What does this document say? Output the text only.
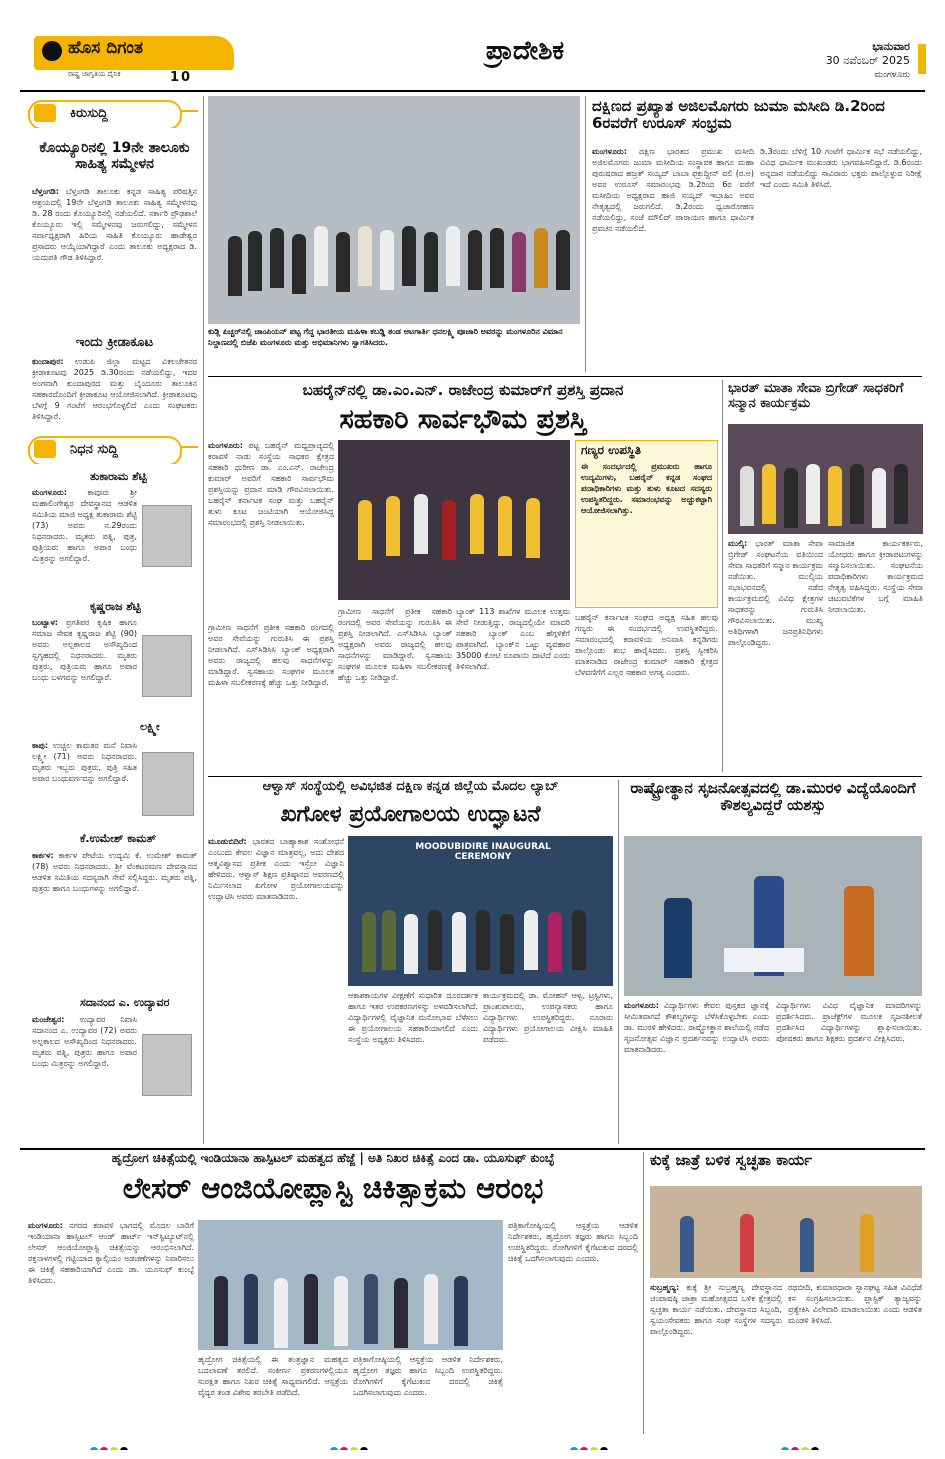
ಹೊಸ ದಿಗಂತ
ರಾಷ್ಟ್ರ ಜಾಗೃತಿಯ ದೈನಿಕ	10
ಪ್ರಾದೇಶಿಕ	ಭಾನುವಾರ
30 ನವೆಂಬರ್ 2025
ಮಂಗಳೂರು
ಕಿರುಸುದ್ದಿ
ಕೊಯ್ಯೂರಿನಲ್ಲಿ 19ನೇ ತಾಲೂಕು ಸಾಹಿತ್ಯ ಸಮ್ಮೇಳನ
ಬೆಳ್ತಂಗಡಿ: ಬೆಳ್ತಂಗಡಿ ತಾಲೂಕು ಕನ್ನಡ ಸಾಹಿತ್ಯ ಪರಿಷತ್ತಿನ ಆಶ್ರಯದಲ್ಲಿ 19ನೇ ಬೆಳ್ತಂಗಡಿ ತಾಲೂಕು ಸಾಹಿತ್ಯ ಸಮ್ಮೇಳನವು ಡಿ. 28 ರಂದು ಕೊಯ್ಯೂರಿನಲ್ಲಿ ನಡೆಯಲಿದೆ. ಸರ್ಕಾರಿ ಪ್ರೌಢಶಾಲೆ ಕೊಯ್ಯೂರು ಇಲ್ಲಿ ಸಮ್ಮೇಳನವು ಜರುಗಲಿದ್ದು, ಸಮ್ಮೇಳನ ಸರ್ವಾಧ್ಯಕ್ಷರಾಗಿ ಹಿರಿಯ ಸಾಹಿತಿ ಕೊಯ್ಯೂರು ಹಾಡೇಶ್ವರ ಪ್ರಸಾದರು ಆಯ್ಕೆಯಾಗಿದ್ದಾರೆ ಎಂದು ತಾಲೂಕು ಅಧ್ಯಕ್ಷರಾದ ಡಿ. ಯದುಪತಿ ಗೌಡ ತಿಳಿಸಿದ್ದಾರೆ.
ಇಂದು ಕ್ರೀಡಾಕೂಟ
ಕುಂದಾಪುರ: ಉಡುಪಿ ಜಿಲ್ಲಾ ಮಟ್ಟದ ವಿಕಲಚೇತನರ ಕ್ರೀಡಾಕೂಟವು 2025 ಡಿ.30ರಂದು ನಡೆಯಲಿದ್ದು, ಇದರ ಅಂಗವಾಗಿ ಕುಂದಾಪುರದ ಮತ್ತು ಬೈಂದೂರು ತಾಲೂಕಿನ ಸಹಕಾರದೊಂದಿಗೆ ಕ್ರೀಡಾಕೂಟ ಆಯೋಜಿಸಲಾಗಿದೆ. ಕ್ರೀಡಾಕೂಟವು ಬೆಳಗ್ಗೆ 9 ಗಂಟೆಗೆ ಆರಂಭಗೊಳ್ಳಲಿದೆ ಎಂದು ಸಂಘಟಕರು ತಿಳಿಸಿದ್ದಾರೆ.
ನಿಧನ ಸುದ್ದಿ
ತುಕಾರಾಮ ಶೆಟ್ಟಿ
ಮಂಗಳೂರು:	ಕಾವೂರು ಶ್ರೀ ಮಹಾಲಿಂಗೇಶ್ವರ ದೇವಸ್ಥಾನದ ಆಡಳಿತ ಸಮಿತಿಯ ಮಾಜಿ ಅಧ್ಯಕ್ಷ ತುಕಾರಾಮ ಶೆಟ್ಟಿ (73) ಅವರು ನ.29ರಂದು ನಿಧನರಾದರು. ಮೃತರು ಪತ್ನಿ, ಪುತ್ರ, ಪುತ್ರಿಯರು ಹಾಗೂ ಅಪಾರ ಬಂಧು ಮಿತ್ರರನ್ನು ಅಗಲಿದ್ದಾರೆ.
ಕೃಷ್ಣರಾಜ ಶೆಟ್ಟಿ
ಬಂಟ್ವಾಳ: ಪ್ರಗತಿಪರ ಕೃಷಿಕ ಹಾಗೂ ಸಮಾಜ ಸೇವಕ ಕೃಷ್ಣರಾಜ ಶೆಟ್ಟಿ (90) ಅವರು ಅಲ್ಪಕಾಲದ ಅಸೌಖ್ಯದಿಂದ ಸ್ವಗೃಹದಲ್ಲಿ ನಿಧನರಾದರು. ಮೃತರು ಪುತ್ರರು, ಪುತ್ರಿಯರು ಹಾಗೂ ಅಪಾರ ಬಂಧು ಬಳಗವನ್ನು ಅಗಲಿದ್ದಾರೆ.
ಲಕ್ಷ್ಮೀ
ಕಾಪು: ಉಚ್ಚಿಲ ಕಾಮತರ ಮನೆ ನಿವಾಸಿ ಲಕ್ಷ್ಮೀ (71) ಅವರು ನಿಧನರಾದರು. ಮೃತರು ಇಬ್ಬರು ಪುತ್ರರು, ಪುತ್ರಿ ಸಹಿತ ಅಪಾರ ಬಂಧುವರ್ಗವನ್ನು ಅಗಲಿದ್ದಾರೆ.
ಕೆ.ಉಮೇಶ್ ಕಾಮತ್
ಕಾರ್ಕಳ: ಕಾರ್ಕಳ ಪೇಟೆಯ ಉದ್ಯಮಿ ಕೆ. ಉಮೇಶ್ ಕಾಮತ್ (78) ಅವರು ನಿಧನರಾದರು. ಶ್ರೀ ವೆಂಕಟರಮಣ ದೇವಸ್ಥಾನದ ಆಡಳಿತ ಸಮಿತಿಯ ಸದಸ್ಯರಾಗಿ ಸೇವೆ ಸಲ್ಲಿಸಿದ್ದರು. ಮೃತರು ಪತ್ನಿ, ಪುತ್ರರು ಹಾಗೂ ಬಂಧುಗಳನ್ನು ಅಗಲಿದ್ದಾರೆ.
ಸದಾನಂದ ಎ. ಉದ್ಯಾವರ
ಮಂಜೇಶ್ವರ: ಉದ್ಯಾವರ ನಿವಾಸಿ ಸದಾನಂದ ಎ. ಉದ್ಯಾವರ (72) ಅವರು ಅಲ್ಪಕಾಲದ ಅಸೌಖ್ಯದಿಂದ ನಿಧನರಾದರು. ಮೃತರು ಪತ್ನಿ, ಪುತ್ರರು ಹಾಗೂ ಅಪಾರ ಬಂಧು ಮಿತ್ರರನ್ನು ಅಗಲಿದ್ದಾರೆ.
ಕುಡ್ಲಿ ಪಿಚ್ಚರ್‌ನಲ್ಲಿ ಚಾಂಪಿಯನ್ ಪಟ್ಟ ಗೆದ್ದ ಭಾರತೀಯ ಮಹಿಳಾ ಕಬಡ್ಡಿ ತಂಡ ಆಟಗಾರ್ತಿ ಧನಲಕ್ಷ್ಮಿ ಪೂಜಾರಿ ಅವರನ್ನು ಮಂಗಳೂರಿನ ವಿಮಾನ ನಿಲ್ದಾಣದಲ್ಲಿ ಬಿಜೆಪಿ ಮಂಗಳೂರು ಮತ್ತು ಅಭಿಮಾನಿಗಳು ಸ್ವಾಗತಿಸಿದರು.
ದಕ್ಷಿಣದ ಪ್ರಖ್ಯಾತ ಅಜಿಲಮೊಗರು ಜುಮಾ ಮಸೀದಿ ಡಿ.2ರಿಂದ 6ರವರೆಗೆ ಉರೂಸ್ ಸಂಭ್ರಮ
ಮಂಗಳೂರು: ದಕ್ಷಿಣ ಭಾರತದ ಪ್ರಮುಖ ಮಸೀದಿ ಅಜಿಲಮೊಗರು ಜುಮಾ ಮಸೀದಿಯ ಸಂಸ್ಥಾಪಕ ಹಾಗೂ ಮಹಾ ಪುರುಷರಾದ ಹಜ್ರತ್ ಸಯ್ಯದ್ ಬಾಬಾ ಫಕ್ರುದ್ದೀನ್ ವಲಿ (ರ.ಅ) ಅವರ ಉರೂಸ್ ಸಮಾರಂಭವು ಡಿ.2ರಿಂದ 6ರ ವರೆಗೆ ಮಸೀದಿಯ ಅಧ್ಯಕ್ಷರಾದ ಹಾಜಿ ಸಯ್ಯದ್ ಇಬ್ರಾಹಿಂ ಅವರ ನೇತೃತ್ವದಲ್ಲಿ ಜರುಗಲಿದೆ. ಡಿ.2ರಂದು ಧ್ವಜಾರೋಹಣ ನಡೆಯಲಿದ್ದು, ಸಂಜೆ ಮೌಲಿದ್ ಪಾರಾಯಣ ಹಾಗೂ ಧಾರ್ಮಿಕ ಪ್ರವಚನ ನಡೆಯಲಿದೆ.
ಡಿ.3ರಂದು ಬೆಳಿಗ್ಗೆ 10 ಗಂಟೆಗೆ ಧಾರ್ಮಿಕ ಸಭೆ ನಡೆಯಲಿದ್ದು, ವಿವಿಧ ಧಾರ್ಮಿಕ ಮುಖಂಡರು ಭಾಗವಹಿಸಲಿದ್ದಾರೆ. ಡಿ.6ರಂದು ಅನ್ನದಾನ ನಡೆಯಲಿದ್ದು ಸಾವಿರಾರು ಭಕ್ತರು ಪಾಲ್ಗೊಳ್ಳುವ ನಿರೀಕ್ಷೆ ಇದೆ ಎಂದು ಸಮಿತಿ ತಿಳಿಸಿದೆ.
ಬಹರೈನ್‌ನಲ್ಲಿ ಡಾ.ಎಂ.ಎನ್. ರಾಜೇಂದ್ರ ಕುಮಾರ್‌ಗೆ ಪ್ರಶಸ್ತಿ ಪ್ರದಾನ
ಸಹಕಾರಿ ಸಾರ್ವಭೌಮ ಪ್ರಶಸ್ತಿ
ಮಂಗಳೂರು: ಪಟ್ಟ ಬಹರೈನ್ ಮಧ್ಯಪ್ರಾಚ್ಯದಲ್ಲಿ ಕರಾವಳಿ ನಾಡು ಸಂಸ್ಥೆಯ ಸಾಧಕರ ಕ್ಷೇತ್ರದ ಸಹಕಾರಿ ಧುರೀಣ ಡಾ. ಎಂ.ಎನ್. ರಾಜೇಂದ್ರ ಕುಮಾರ್ ಅವರಿಗೆ ಸಹಕಾರಿ ಸಾರ್ವಭೌಮ ಪ್ರಶಸ್ತಿಯನ್ನು ಪ್ರದಾನ ಮಾಡಿ ಗೌರವಿಸಲಾಯಿತು. ಬಹರೈನ್ ಕರ್ನಾಟಕ ಸಂಘ ಮತ್ತು ಬಹರೈನ್ ತುಳು ಕೂಟ ಜಂಟಿಯಾಗಿ ಆಯೋಜಿಸಿದ್ದ ಸಮಾರಂಭದಲ್ಲಿ ಪ್ರಶಸ್ತಿ ನೀಡಲಾಯಿತು.
ಗಣ್ಯರ ಉಪಸ್ಥಿತಿ
ಈ ಸಂದರ್ಭದಲ್ಲಿ ಪ್ರಮುಖರು ಹಾಗೂ ಉದ್ಯಮಿಗಳು, ಬಹರೈನ್ ಕನ್ನಡ ಸಂಘದ ಪದಾಧಿಕಾರಿಗಳು ಮತ್ತು ತುಳು ಕೂಟದ ಸದಸ್ಯರು ಉಪಸ್ಥಿತರಿದ್ದರು. ಸಮಾರಂಭವನ್ನು ಅಚ್ಚುಕಟ್ಟಾಗಿ ಆಯೋಜಿಸಲಾಗಿತ್ತು.
ಗ್ರಾಮೀಣ ಸಾಧನೆಗೆ ಪ್ರತೀಕ ಸಹಕಾರಿ ರಂಗದಲ್ಲಿ ಅವರ ಸೇವೆಯನ್ನು ಗುರುತಿಸಿ ಈ ಪ್ರಶಸ್ತಿ ನೀಡಲಾಗಿದೆ. ಎಸ್‌ಸಿಡಿಸಿಸಿ ಬ್ಯಾಂಕ್ ಅಧ್ಯಕ್ಷರಾಗಿ ಅವರು ರಾಜ್ಯದಲ್ಲಿ ಹಲವು ಸಾಧನೆಗಳನ್ನು ಮಾಡಿದ್ದಾರೆ. ಸ್ವಸಹಾಯ ಸಂಘಗಳ ಮೂಲಕ ಮಹಿಳಾ ಸಬಲೀಕರಣಕ್ಕೆ ಹೆಚ್ಚು ಒತ್ತು ನೀಡಿದ್ದಾರೆ.
ಗ್ರಾಮೀಣ ಸಾಧನೆಗೆ ಪ್ರತೀಕ ಸಹಕಾರಿ ರಂಗದಲ್ಲಿ ಅವರ ಸೇವೆಯನ್ನು ಗುರುತಿಸಿ ಈ ಪ್ರಶಸ್ತಿ ನೀಡಲಾಗಿದೆ. ಎಸ್‌ಸಿಡಿಸಿಸಿ ಬ್ಯಾಂಕ್ ಅಧ್ಯಕ್ಷರಾಗಿ ಅವರು ರಾಜ್ಯದಲ್ಲಿ ಹಲವು ಸಾಧನೆಗಳನ್ನು ಮಾಡಿದ್ದಾರೆ. ಸ್ವಸಹಾಯ ಸಂಘಗಳ ಮೂಲಕ ಮಹಿಳಾ ಸಬಲೀಕರಣಕ್ಕೆ ಹೆಚ್ಚು ಒತ್ತು ನೀಡಿದ್ದಾರೆ.
ಬ್ಯಾಂಕ್ 113 ಶಾಖೆಗಳ ಮೂಲಕ ಉತ್ತಮ ಸೇವೆ ನೀಡುತ್ತಿದ್ದು, ರಾಜ್ಯದಲ್ಲಿಯೇ ಮಾದರಿ ಸಹಕಾರಿ ಬ್ಯಾಂಕ್ ಎಂಬ ಹೆಗ್ಗಳಿಕೆಗೆ ಪಾತ್ರವಾಗಿದೆ. ಬ್ಯಾಂಕ್‌ನ ಒಟ್ಟು ವ್ಯವಹಾರ 35000 ಕೋಟಿ ರೂಪಾಯಿ ದಾಟಿದೆ ಎಂದು ತಿಳಿಸಲಾಗಿದೆ.
ಬಹರೈನ್ ಕರ್ನಾಟಕ ಸಂಘದ ಅಧ್ಯಕ್ಷ ಸಹಿತ ಹಲವು ಗಣ್ಯರು ಈ ಸಂದರ್ಭದಲ್ಲಿ ಉಪಸ್ಥಿತರಿದ್ದರು. ಸಮಾರಂಭದಲ್ಲಿ ಕರಾವಳಿಯ ಅನಿವಾಸಿ ಕನ್ನಡಿಗರು ಪಾಲ್ಗೊಂಡು ಶುಭ ಹಾರೈಸಿದರು. ಪ್ರಶಸ್ತಿ ಸ್ವೀಕರಿಸಿ ಮಾತನಾಡಿದ ರಾಜೇಂದ್ರ ಕುಮಾರ್ ಸಹಕಾರಿ ಕ್ಷೇತ್ರದ ಬೆಳವಣಿಗೆಗೆ ಎಲ್ಲರ ಸಹಕಾರ ಅಗತ್ಯ ಎಂದರು.
ಭಾರತ್ ಮಾತಾ ಸೇವಾ ಬ್ರಿಗೇಡ್ ಸಾಧಕರಿಗೆ ಸನ್ಮಾನ ಕಾರ್ಯಕ್ರಮ
ಮುಲ್ಕಿ: ಭಾರತ್ ಮಾತಾ ಸೇವಾ ಬ್ರಿಗೇಡ್ ಸಂಘಟನೆಯ ವತಿಯಿಂದ ಸೇವಾ ಸಾಧಕರಿಗೆ ಸನ್ಮಾನ ಕಾರ್ಯಕ್ರಮ ನಡೆಯಿತು. ಮುಲ್ಕಿಯ ಸಭಾಭವನದಲ್ಲಿ ನಡೆದ ಕಾರ್ಯಕ್ರಮದಲ್ಲಿ ವಿವಿಧ ಕ್ಷೇತ್ರಗಳ ಸಾಧಕರನ್ನು ಗುರುತಿಸಿ ಗೌರವಿಸಲಾಯಿತು. ಮುಖ್ಯ ಅತಿಥಿಗಳಾಗಿ ಜನಪ್ರತಿನಿಧಿಗಳು ಪಾಲ್ಗೊಂಡಿದ್ದರು.
ಸಾಮಾಜಿಕ ಕಾರ್ಯಕರ್ತರು, ಯೋಧರು ಹಾಗೂ ಕ್ರೀಡಾಪಟುಗಳನ್ನು ಸನ್ಮಾನಿಸಲಾಯಿತು. ಸಂಘಟನೆಯ ಪದಾಧಿಕಾರಿಗಳು ಕಾರ್ಯಕ್ರಮದ ನೇತೃತ್ವ ವಹಿಸಿದ್ದರು. ಸಂಸ್ಥೆಯ ಸೇವಾ ಚಟುವಟಿಕೆಗಳ ಬಗ್ಗೆ ಮಾಹಿತಿ ನೀಡಲಾಯಿತು.
ಆಳ್ವಾಸ್ ಸಂಸ್ಥೆಯಲ್ಲಿ ಅವಿಭಜಿತ ದಕ್ಷಿಣ ಕನ್ನಡ ಜಿಲ್ಲೆಯ ಮೊದಲ ಲ್ಯಾಬ್
ಖಗೋಳ ಪ್ರಯೋಗಾಲಯ ಉದ್ಘಾಟನೆ
ಮೂಡುಬಿದಿರೆ: ಭಾರತದ ಬಾಹ್ಯಾಕಾಶ ಸಂಶೋಧನೆ ಎಂಬುದು ಕೇವಲ ವಿಜ್ಞಾನ ಮಾತ್ರವಲ್ಲ, ಅದು ದೇಶದ ಆತ್ಮವಿಶ್ವಾಸದ ಪ್ರತೀಕ ಎಂದು ಇಸ್ರೋ ವಿಜ್ಞಾನಿ ಹೇಳಿದರು. ಆಳ್ವಾಸ್ ಶಿಕ್ಷಣ ಪ್ರತಿಷ್ಠಾನದ ಆವರಣದಲ್ಲಿ ನಿರ್ಮಿಸಲಾದ ಖಗೋಳ ಪ್ರಯೋಗಾಲಯವನ್ನು ಉದ್ಘಾಟಿಸಿ ಅವರು ಮಾತನಾಡಿದರು.
MOODUBIDIRE INAUGURAL CEREMONY
ಆಕಾಶಕಾಯಗಳ ವೀಕ್ಷಣೆಗೆ ಸುಧಾರಿತ ದೂರದರ್ಶಕ ಹಾಗೂ ಇತರ ಉಪಕರಣಗಳನ್ನು ಅಳವಡಿಸಲಾಗಿದೆ. ವಿದ್ಯಾರ್ಥಿಗಳಲ್ಲಿ ವೈಜ್ಞಾನಿಕ ಮನೋಭಾವ ಬೆಳೆಸಲು ಈ ಪ್ರಯೋಗಾಲಯ ಸಹಕಾರಿಯಾಗಲಿದೆ ಎಂದು ಸಂಸ್ಥೆಯ ಅಧ್ಯಕ್ಷರು ತಿಳಿಸಿದರು.
ಕಾರ್ಯಕ್ರಮದಲ್ಲಿ ಡಾ. ಮೋಹನ್ ಆಳ್ವ, ಟ್ರಸ್ಟಿಗಳು, ಪ್ರಾಂಶುಪಾಲರು, ಉಪನ್ಯಾಸಕರು ಹಾಗೂ ವಿದ್ಯಾರ್ಥಿಗಳು ಉಪಸ್ಥಿತರಿದ್ದರು. ನೂರಾರು ವಿದ್ಯಾರ್ಥಿಗಳು ಪ್ರಯೋಗಾಲಯ ವೀಕ್ಷಿಸಿ ಮಾಹಿತಿ ಪಡೆದರು.
ರಾಷ್ಟ್ರೋತ್ಥಾನ ಸೃಜನೋತ್ಸವದಲ್ಲಿ ಡಾ.ಮುರಳಿ ವಿದ್ಯೆಯೊಂದಿಗೆ ಕೌಶಲ್ಯವಿದ್ದರೆ ಯಶಸ್ಸು
ಮಂಗಳೂರು: ವಿದ್ಯಾರ್ಥಿಗಳು ಕೇವಲ ಪುಸ್ತಕದ ಜ್ಞಾನಕ್ಕೆ ಸೀಮಿತವಾಗದೆ ಕೌಶಲ್ಯಗಳನ್ನು ಬೆಳೆಸಿಕೊಳ್ಳಬೇಕು ಎಂದು ಡಾ. ಮುರಳಿ ಹೇಳಿದರು. ರಾಷ್ಟ್ರೋತ್ಥಾನ ಶಾಲೆಯಲ್ಲಿ ನಡೆದ ಸೃಜನೋತ್ಸವ ವಿಜ್ಞಾನ ಪ್ರದರ್ಶನವನ್ನು ಉದ್ಘಾಟಿಸಿ ಅವರು ಮಾತನಾಡಿದರು.
ವಿದ್ಯಾರ್ಥಿಗಳು ವಿವಿಧ ವೈಜ್ಞಾನಿಕ ಮಾದರಿಗಳನ್ನು ಪ್ರದರ್ಶಿಸಿದರು. ಪ್ರಾಜೆಕ್ಟ್‌ಗಳ ಮೂಲಕ ಸೃಜನಶೀಲತೆ ಪ್ರದರ್ಶಿಸಿದ ವಿದ್ಯಾರ್ಥಿಗಳನ್ನು ಶ್ಲಾಘಿಸಲಾಯಿತು. ಪೋಷಕರು ಹಾಗೂ ಶಿಕ್ಷಕರು ಪ್ರದರ್ಶನ ವೀಕ್ಷಿಸಿದರು.
ಹೃದ್ರೋಗ ಚಿಕಿತ್ಸೆಯಲ್ಲಿ ಇಂಡಿಯಾನಾ ಹಾಸ್ಪಿಟಲ್ ಮಹತ್ವದ ಹೆಜ್ಜೆ | ಅತಿ ನಿಖರ ಚಿಕಿತ್ಸೆ ಎಂದ ಡಾ. ಯೂಸುಫ್ ಕುಂಬ್ಳೆ
ಲೇಸರ್ ಆಂಜಿಯೋಪ್ಲಾಸ್ಟಿ ಚಿಕಿತ್ಸಾಕ್ರಮ ಆರಂಭ
ಮಂಗಳೂರು: ನಗರದ ಕರಾವಳಿ ಭಾಗದಲ್ಲಿ ಮೊದಲ ಬಾರಿಗೆ ಇಂಡಿಯಾನಾ ಹಾಸ್ಪಿಟಲ್ ಆಂಡ್ ಹಾರ್ಟ್ ಇನ್‌ಸ್ಟಿಟ್ಯೂಟ್‌ನಲ್ಲಿ ಲೇಸರ್ ಆಂಜಿಯೋಪ್ಲಾಸ್ಟಿ ಚಿಕಿತ್ಸೆಯನ್ನು ಆರಂಭಿಸಲಾಗಿದೆ. ರಕ್ತನಾಳಗಳಲ್ಲಿ ಗಟ್ಟಿಯಾದ ಕ್ಯಾಲ್ಸಿಯಂ ಅಡಚಣೆಗಳನ್ನು ನಿವಾರಿಸಲು ಈ ಚಿಕಿತ್ಸೆ ಸಹಕಾರಿಯಾಗಿದೆ ಎಂದು ಡಾ. ಯೂಸುಫ್ ಕುಂಬ್ಳೆ ತಿಳಿಸಿದರು.
ಹೃದ್ರೋಗ ಚಿಕಿತ್ಸೆಯಲ್ಲಿ ಈ ತಂತ್ರಜ್ಞಾನ ಮಹತ್ವದ ಬದಲಾವಣೆ ತರಲಿದೆ. ಸಂಕೀರ್ಣ ಪ್ರಕರಣಗಳಲ್ಲಿಯೂ ಸುರಕ್ಷಿತ ಹಾಗೂ ನಿಖರ ಚಿಕಿತ್ಸೆ ಸಾಧ್ಯವಾಗಲಿದೆ. ಆಸ್ಪತ್ರೆಯ ವೈದ್ಯರ ತಂಡ ವಿಶೇಷ ತರಬೇತಿ ಪಡೆದಿದೆ.
ಪತ್ರಿಕಾಗೋಷ್ಠಿಯಲ್ಲಿ ಆಸ್ಪತ್ರೆಯ ಆಡಳಿತ ನಿರ್ದೇಶಕರು, ಹೃದ್ರೋಗ ತಜ್ಞರು ಹಾಗೂ ಸಿಬ್ಬಂದಿ ಉಪಸ್ಥಿತರಿದ್ದರು. ರೋಗಿಗಳಿಗೆ ಕೈಗೆಟುಕುವ ದರದಲ್ಲಿ ಚಿಕಿತ್ಸೆ ಒದಗಿಸಲಾಗುವುದು ಎಂದರು.
ಪತ್ರಿಕಾಗೋಷ್ಠಿಯಲ್ಲಿ ಆಸ್ಪತ್ರೆಯ ಆಡಳಿತ ನಿರ್ದೇಶಕರು, ಹೃದ್ರೋಗ ತಜ್ಞರು ಹಾಗೂ ಸಿಬ್ಬಂದಿ ಉಪಸ್ಥಿತರಿದ್ದರು. ರೋಗಿಗಳಿಗೆ ಕೈಗೆಟುಕುವ ದರದಲ್ಲಿ ಚಿಕಿತ್ಸೆ ಒದಗಿಸಲಾಗುವುದು ಎಂದರು.
ಕುಕ್ಕೆ ಜಾತ್ರೆ ಬಳಿಕ ಸ್ವಚ್ಛತಾ ಕಾರ್ಯ
ಸುಬ್ರಹ್ಮಣ್ಯ: ಕುಕ್ಕೆ ಶ್ರೀ ಸುಬ್ರಹ್ಮಣ್ಯ ದೇವಸ್ಥಾನದ ಚಂಪಾಷಷ್ಠಿ ಜಾತ್ರಾ ಮಹೋತ್ಸವದ ಬಳಿಕ ಕ್ಷೇತ್ರದಲ್ಲಿ ಸ್ವಚ್ಛತಾ ಕಾರ್ಯ ನಡೆಯಿತು. ದೇವಸ್ಥಾನದ ಸಿಬ್ಬಂದಿ, ಸ್ವಯಂಸೇವಕರು ಹಾಗೂ ಸಂಘ ಸಂಸ್ಥೆಗಳ ಸದಸ್ಯರು ಪಾಲ್ಗೊಂಡಿದ್ದರು.
ರಥಬೀದಿ, ಕುಮಾರಧಾರಾ ಸ್ನಾನಘಟ್ಟ ಸಹಿತ ವಿವಿಧೆಡೆ ಕಸ ಸಂಗ್ರಹಿಸಲಾಯಿತು. ಪ್ಲಾಸ್ಟಿಕ್ ತ್ಯಾಜ್ಯವನ್ನು ಪ್ರತ್ಯೇಕಿಸಿ ವಿಲೇವಾರಿ ಮಾಡಲಾಯಿತು ಎಂದು ಆಡಳಿತ ಮಂಡಳಿ ತಿಳಿಸಿದೆ.
